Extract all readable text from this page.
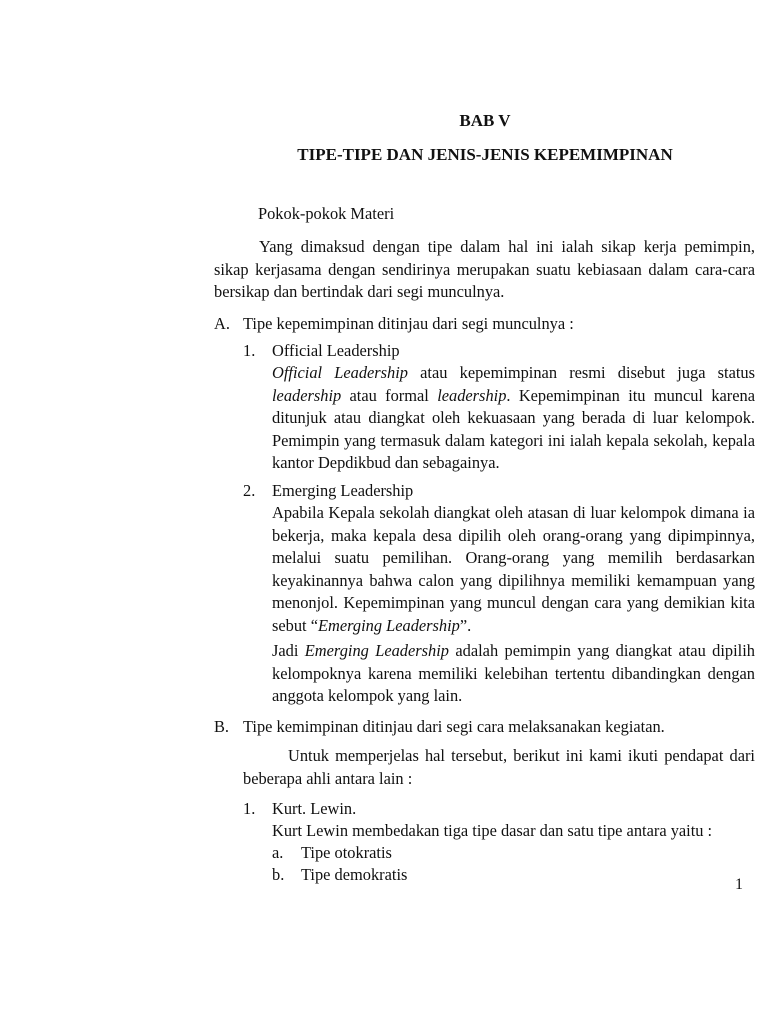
BAB V
TIPE-TIPE DAN JENIS-JENIS KEPEMIMPINAN
Pokok-pokok Materi
Yang dimaksud dengan tipe dalam hal ini ialah sikap kerja pemimpin, sikap kerjasama dengan sendirinya merupakan suatu kebiasaan dalam cara-cara bersikap dan bertindak dari segi munculnya.
A. Tipe kepemimpinan ditinjau dari segi munculnya :
1. Official Leadership

Official Leadership atau kepemimpinan resmi disebut juga status leadership atau formal leadership. Kepemimpinan itu muncul karena ditunjuk atau diangkat oleh kekuasaan yang berada di luar kelompok. Pemimpin yang termasuk dalam kategori ini ialah kepala sekolah, kepala kantor Depdikbud dan sebagainya.

2. Emerging Leadership

Apabila Kepala sekolah diangkat oleh atasan di luar kelompok dimana ia bekerja, maka kepala desa dipilih oleh orang-orang yang dipimpinnya, melalui suatu pemilihan. Orang-orang yang memilih berdasarkan keyakinannya bahwa calon yang dipilihnya memiliki kemampuan yang menonjol. Kepemimpinan yang muncul dengan cara yang demikian kita sebut “Emerging Leadership”.

Jadi Emerging Leadership adalah pemimpin yang diangkat atau dipilih kelompoknya karena memiliki kelebihan tertentu dibandingkan dengan anggota kelompok yang lain.

B. Tipe kemimpinan ditinjau dari segi cara melaksanakan kegiatan.
Untuk memperjelas hal tersebut, berikut ini kami ikuti pendapat dari beberapa ahli antara lain :
1. Kurt. Lewin.
Kurt Lewin membedakan tiga tipe dasar dan satu tipe antara yaitu :
a. Tipe otokratis
b. Tipe demokratis
1
